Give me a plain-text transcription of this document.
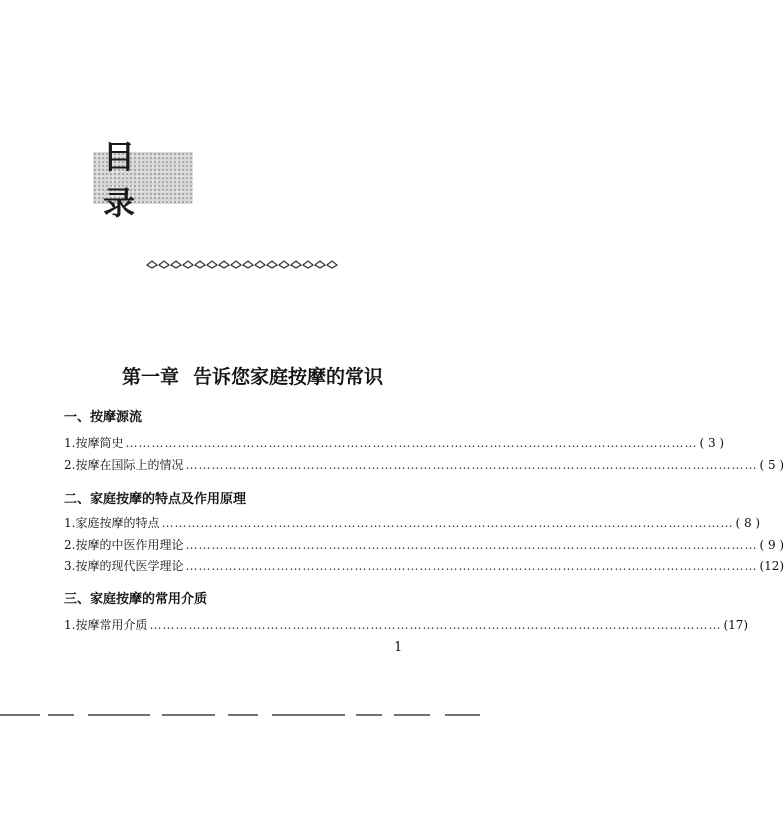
目 录
第一章 告诉您家庭按摩的常识
一、按摩源流
1. 按摩简史 …………………………………………………………………………………………………………………… ( 3 )
2. 按摩在国际上的情况 …………………………………………………………………………………………………………………… ( 5 )
二、家庭按摩的特点及作用原理
1. 家庭按摩的特点 …………………………………………………………………………………………………………………… ( 8 )
2. 按摩的中医作用理论 …………………………………………………………………………………………………………………… ( 9 )
3. 按摩的现代医学理论 …………………………………………………………………………………………………………………… (12)
三、家庭按摩的常用介质
1. 按摩常用介质 …………………………………………………………………………………………………………………… (17)
1
